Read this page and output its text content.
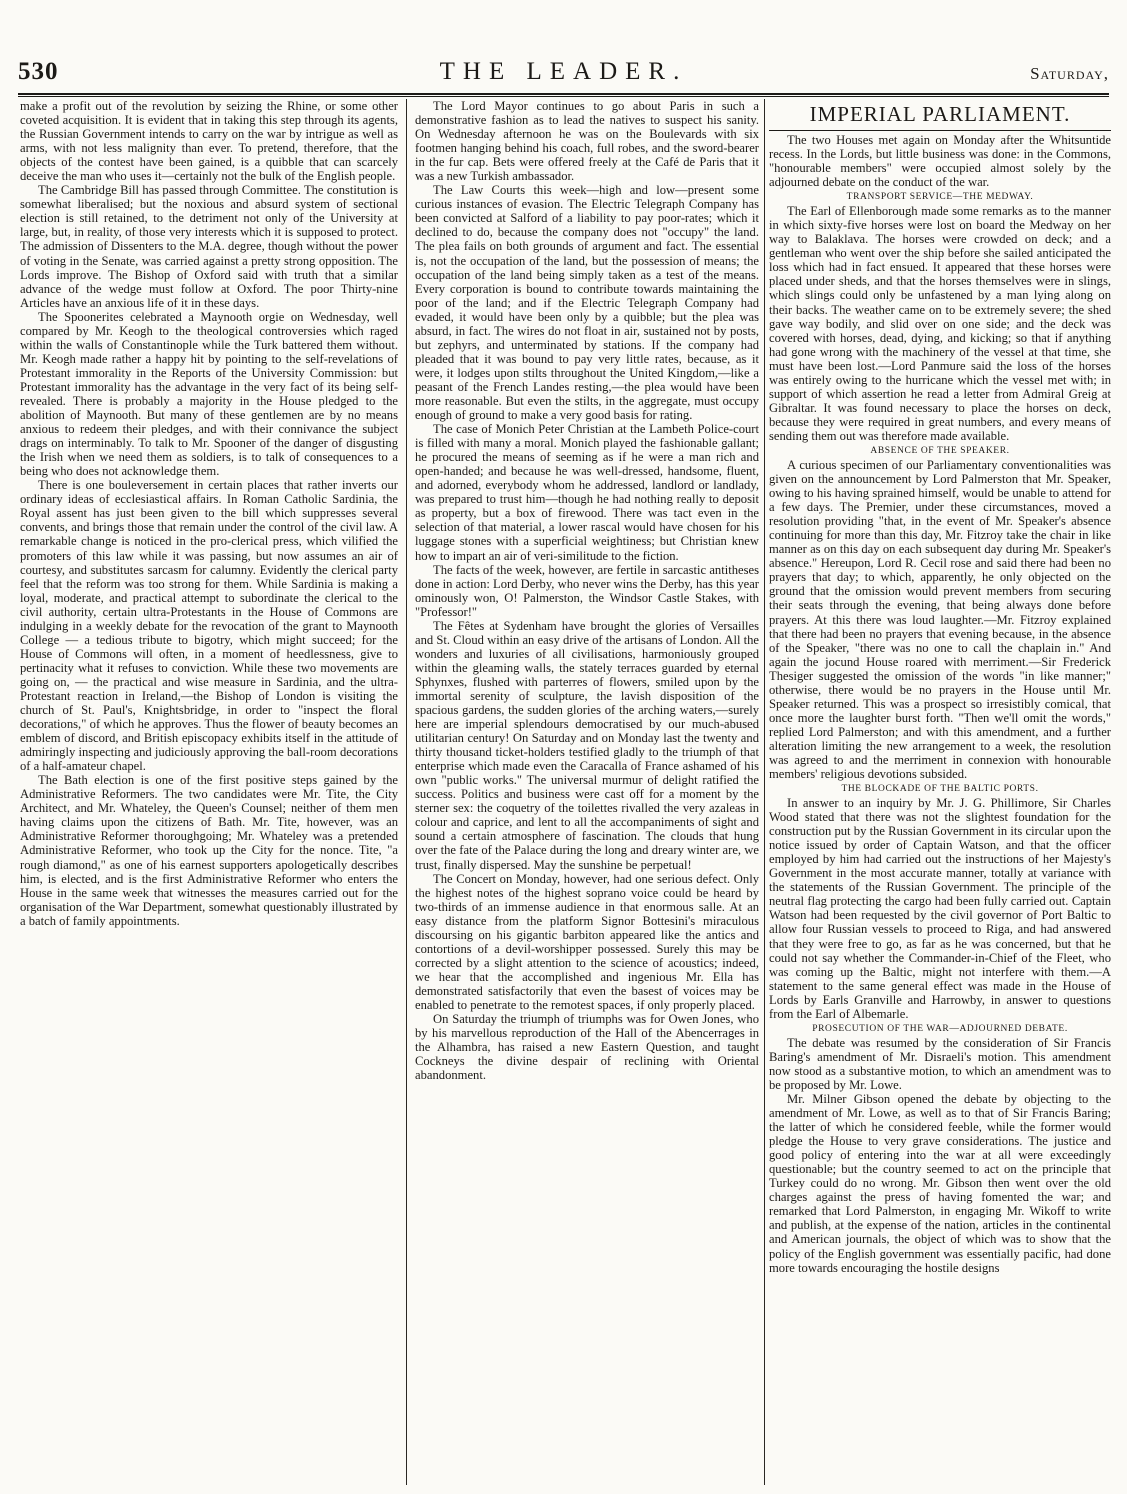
530	THE LEADER.	Saturday,

make a profit out of the revolution by seizing the Rhine, or some other coveted acquisition. It is evident that in taking this step through its agents, the Russian Government intends to carry on the war by intrigue as well as arms, with not less malignity than ever. To pretend, therefore, that the objects of the contest have been gained, is a quibble that can scarcely deceive the man who uses it—certainly not the bulk of the English people.

The Cambridge Bill has passed through Committee. The constitution is somewhat liberalised; but the noxious and absurd system of sectional election is still retained, to the detriment not only of the University at large, but, in reality, of those very interests which it is supposed to protect. The admission of Dissenters to the M.A. degree, though without the power of voting in the Senate, was carried against a pretty strong opposition. The Lords improve. The Bishop of Oxford said with truth that a similar advance of the wedge must follow at Oxford. The poor Thirty-nine Articles have an anxious life of it in these days.

The Spoonerites celebrated a Maynooth orgie on Wednesday, well compared by Mr. Keogh to the theological controversies which raged within the walls of Constantinople while the Turk battered them without. Mr. Keogh made rather a happy hit by pointing to the self-revelations of Protestant immorality in the Reports of the University Commission: but Protestant immorality has the advantage in the very fact of its being self-revealed. There is probably a majority in the House pledged to the abolition of Maynooth. But many of these gentlemen are by no means anxious to redeem their pledges, and with their connivance the subject drags on interminably. To talk to Mr. Spooner of the danger of disgusting the Irish when we need them as soldiers, is to talk of consequences to a being who does not acknowledge them.

There is one bouleversement in certain places that rather inverts our ordinary ideas of ecclesiastical affairs. In Roman Catholic Sardinia, the Royal assent has just been given to the bill which suppresses several convents, and brings those that remain under the control of the civil law. A remarkable change is noticed in the pro-clerical press, which vilified the promoters of this law while it was passing, but now assumes an air of courtesy, and substitutes sarcasm for calumny. Evidently the clerical party feel that the reform was too strong for them. While Sardinia is making a loyal, moderate, and practical attempt to subordinate the clerical to the civil authority, certain ultra-Protestants in the House of Commons are indulging in a weekly debate for the revocation of the grant to Maynooth College — a tedious tribute to bigotry, which might succeed; for the House of Commons will often, in a moment of heedlessness, give to pertinacity what it refuses to conviction. While these two movements are going on, — the practical and wise measure in Sardinia, and the ultra-Protestant reaction in Ireland,—the Bishop of London is visiting the church of St. Paul's, Knightsbridge, in order to "inspect the floral decorations," of which he approves. Thus the flower of beauty becomes an emblem of discord, and British episcopacy exhibits itself in the attitude of admiringly inspecting and judiciously approving the ball-room decorations of a half-amateur chapel.

The Bath election is one of the first positive steps gained by the Administrative Reformers. The two candidates were Mr. Tite, the City Architect, and Mr. Whateley, the Queen's Counsel; neither of them men having claims upon the citizens of Bath. Mr. Tite, however, was an Administrative Reformer thoroughgoing; Mr. Whateley was a pretended Administrative Reformer, who took up the City for the nonce. Tite, "a rough diamond," as one of his earnest supporters apologetically describes him, is elected, and is the first Administrative Reformer who enters the House in the same week that witnesses the measures carried out for the organisation of the War Department, somewhat questionably illustrated by a batch of family appointments.

The Lord Mayor continues to go about Paris in such a demonstrative fashion as to lead the natives to suspect his sanity. On Wednesday afternoon he was on the Boulevards with six footmen hanging behind his coach, full robes, and the sword-bearer in the fur cap. Bets were offered freely at the Café de Paris that it was a new Turkish ambassador.

The Law Courts this week—high and low—present some curious instances of evasion. The Electric Telegraph Company has been convicted at Salford of a liability to pay poor-rates; which it declined to do, because the company does not "occupy" the land. The plea fails on both grounds of argument and fact. The essential is, not the occupation of the land, but the possession of means; the occupation of the land being simply taken as a test of the means. Every corporation is bound to contribute towards maintaining the poor of the land; and if the Electric Telegraph Company had evaded, it would have been only by a quibble; but the plea was absurd, in fact. The wires do not float in air, sustained not by posts, but zephyrs, and unterminated by stations. If the company had pleaded that it was bound to pay very little rates, because, as it were, it lodges upon stilts throughout the United Kingdom,—like a peasant of the French Landes resting,—the plea would have been more reasonable. But even the stilts, in the aggregate, must occupy enough of ground to make a very good basis for rating.

The case of Monich Peter Christian at the Lambeth Police-court is filled with many a moral. Monich played the fashionable gallant; he procured the means of seeming as if he were a man rich and open-handed; and because he was well-dressed, handsome, fluent, and adorned, everybody whom he addressed, landlord or landlady, was prepared to trust him—though he had nothing really to deposit as property, but a box of firewood. There was tact even in the selection of that material, a lower rascal would have chosen for his luggage stones with a superficial weightiness; but Christian knew how to impart an air of veri-similitude to the fiction.

The facts of the week, however, are fertile in sarcastic antitheses done in action: Lord Derby, who never wins the Derby, has this year ominously won, O! Palmerston, the Windsor Castle Stakes, with "Professor!"

The Fêtes at Sydenham have brought the glories of Versailles and St. Cloud within an easy drive of the artisans of London. All the wonders and luxuries of all civilisations, harmoniously grouped within the gleaming walls, the stately terraces guarded by eternal Sphynxes, flushed with parterres of flowers, smiled upon by the immortal serenity of sculpture, the lavish disposition of the spacious gardens, the sudden glories of the arching waters,—surely here are imperial splendours democratised by our much-abused utilitarian century! On Saturday and on Monday last the twenty and thirty thousand ticket-holders testified gladly to the triumph of that enterprise which made even the Caracalla of France ashamed of his own "public works." The universal murmur of delight ratified the success. Politics and business were cast off for a moment by the sterner sex: the coquetry of the toilettes rivalled the very azaleas in colour and caprice, and lent to all the accompaniments of sight and sound a certain atmosphere of fascination. The clouds that hung over the fate of the Palace during the long and dreary winter are, we trust, finally dispersed. May the sunshine be perpetual!

The Concert on Monday, however, had one serious defect. Only the highest notes of the highest soprano voice could be heard by two-thirds of an immense audience in that enormous salle. At an easy distance from the platform Signor Bottesini's miraculous discoursing on his gigantic barbiton appeared like the antics and contortions of a devil-worshipper possessed. Surely this may be corrected by a slight attention to the science of acoustics; indeed, we hear that the accomplished and ingenious Mr. Ella has demonstrated satisfactorily that even the basest of voices may be enabled to penetrate to the remotest spaces, if only properly placed.

On Saturday the triumph of triumphs was for Owen Jones, who by his marvellous reproduction of the Hall of the Abencerrages in the Alhambra, has raised a new Eastern Question, and taught Cockneys the divine despair of reclining with Oriental abandonment.

IMPERIAL PARLIAMENT.

The two Houses met again on Monday after the Whitsuntide recess. In the Lords, but little business was done: in the Commons, "honourable members" were occupied almost solely by the adjourned debate on the conduct of the war.

TRANSPORT SERVICE—THE MEDWAY.

The Earl of Ellenborough made some remarks as to the manner in which sixty-five horses were lost on board the Medway on her way to Balaklava. The horses were crowded on deck; and a gentleman who went over the ship before she sailed anticipated the loss which had in fact ensued. It appeared that these horses were placed under sheds, and that the horses themselves were in slings, which slings could only be unfastened by a man lying along on their backs. The weather came on to be extremely severe; the shed gave way bodily, and slid over on one side; and the deck was covered with horses, dead, dying, and kicking; so that if anything had gone wrong with the machinery of the vessel at that time, she must have been lost.—Lord Panmure said the loss of the horses was entirely owing to the hurricane which the vessel met with; in support of which assertion he read a letter from Admiral Greig at Gibraltar. It was found necessary to place the horses on deck, because they were required in great numbers, and every means of sending them out was therefore made available.

ABSENCE OF THE SPEAKER.

A curious specimen of our Parliamentary conventionalities was given on the announcement by Lord Palmerston that Mr. Speaker, owing to his having sprained himself, would be unable to attend for a few days. The Premier, under these circumstances, moved a resolution providing "that, in the event of Mr. Speaker's absence continuing for more than this day, Mr. Fitzroy take the chair in like manner as on this day on each subsequent day during Mr. Speaker's absence." Hereupon, Lord R. Cecil rose and said there had been no prayers that day; to which, apparently, he only objected on the ground that the omission would prevent members from securing their seats through the evening, that being always done before prayers. At this there was loud laughter.—Mr. Fitzroy explained that there had been no prayers that evening because, in the absence of the Speaker, "there was no one to call the chaplain in." And again the jocund House roared with merriment.—Sir Frederick Thesiger suggested the omission of the words "in like manner;" otherwise, there would be no prayers in the House until Mr. Speaker returned. This was a prospect so irresistibly comical, that once more the laughter burst forth. "Then we'll omit the words," replied Lord Palmerston; and with this amendment, and a further alteration limiting the new arrangement to a week, the resolution was agreed to and the merriment in connexion with honourable members' religious devotions subsided.

THE BLOCKADE OF THE BALTIC PORTS.

In answer to an inquiry by Mr. J. G. Phillimore, Sir Charles Wood stated that there was not the slightest foundation for the construction put by the Russian Government in its circular upon the notice issued by order of Captain Watson, and that the officer employed by him had carried out the instructions of her Majesty's Government in the most accurate manner, totally at variance with the statements of the Russian Government. The principle of the neutral flag protecting the cargo had been fully carried out. Captain Watson had been requested by the civil governor of Port Baltic to allow four Russian vessels to proceed to Riga, and had answered that they were free to go, as far as he was concerned, but that he could not say whether the Commander-in-Chief of the Fleet, who was coming up the Baltic, might not interfere with them.—A statement to the same general effect was made in the House of Lords by Earls Granville and Harrowby, in answer to questions from the Earl of Albemarle.

PROSECUTION OF THE WAR—ADJOURNED DEBATE.

The debate was resumed by the consideration of Sir Francis Baring's amendment of Mr. Disraeli's motion. This amendment now stood as a substantive motion, to which an amendment was to be proposed by Mr. Lowe.

Mr. Milner Gibson opened the debate by objecting to the amendment of Mr. Lowe, as well as to that of Sir Francis Baring; the latter of which he considered feeble, while the former would pledge the House to very grave considerations. The justice and good policy of entering into the war at all were exceedingly questionable; but the country seemed to act on the principle that Turkey could do no wrong. Mr. Gibson then went over the old charges against the press of having fomented the war; and remarked that Lord Palmerston, in engaging Mr. Wikoff to write and publish, at the expense of the nation, articles in the continental and American journals, the object of which was to show that the policy of the English government was essentially pacific, had done more towards encouraging the hostile designs
